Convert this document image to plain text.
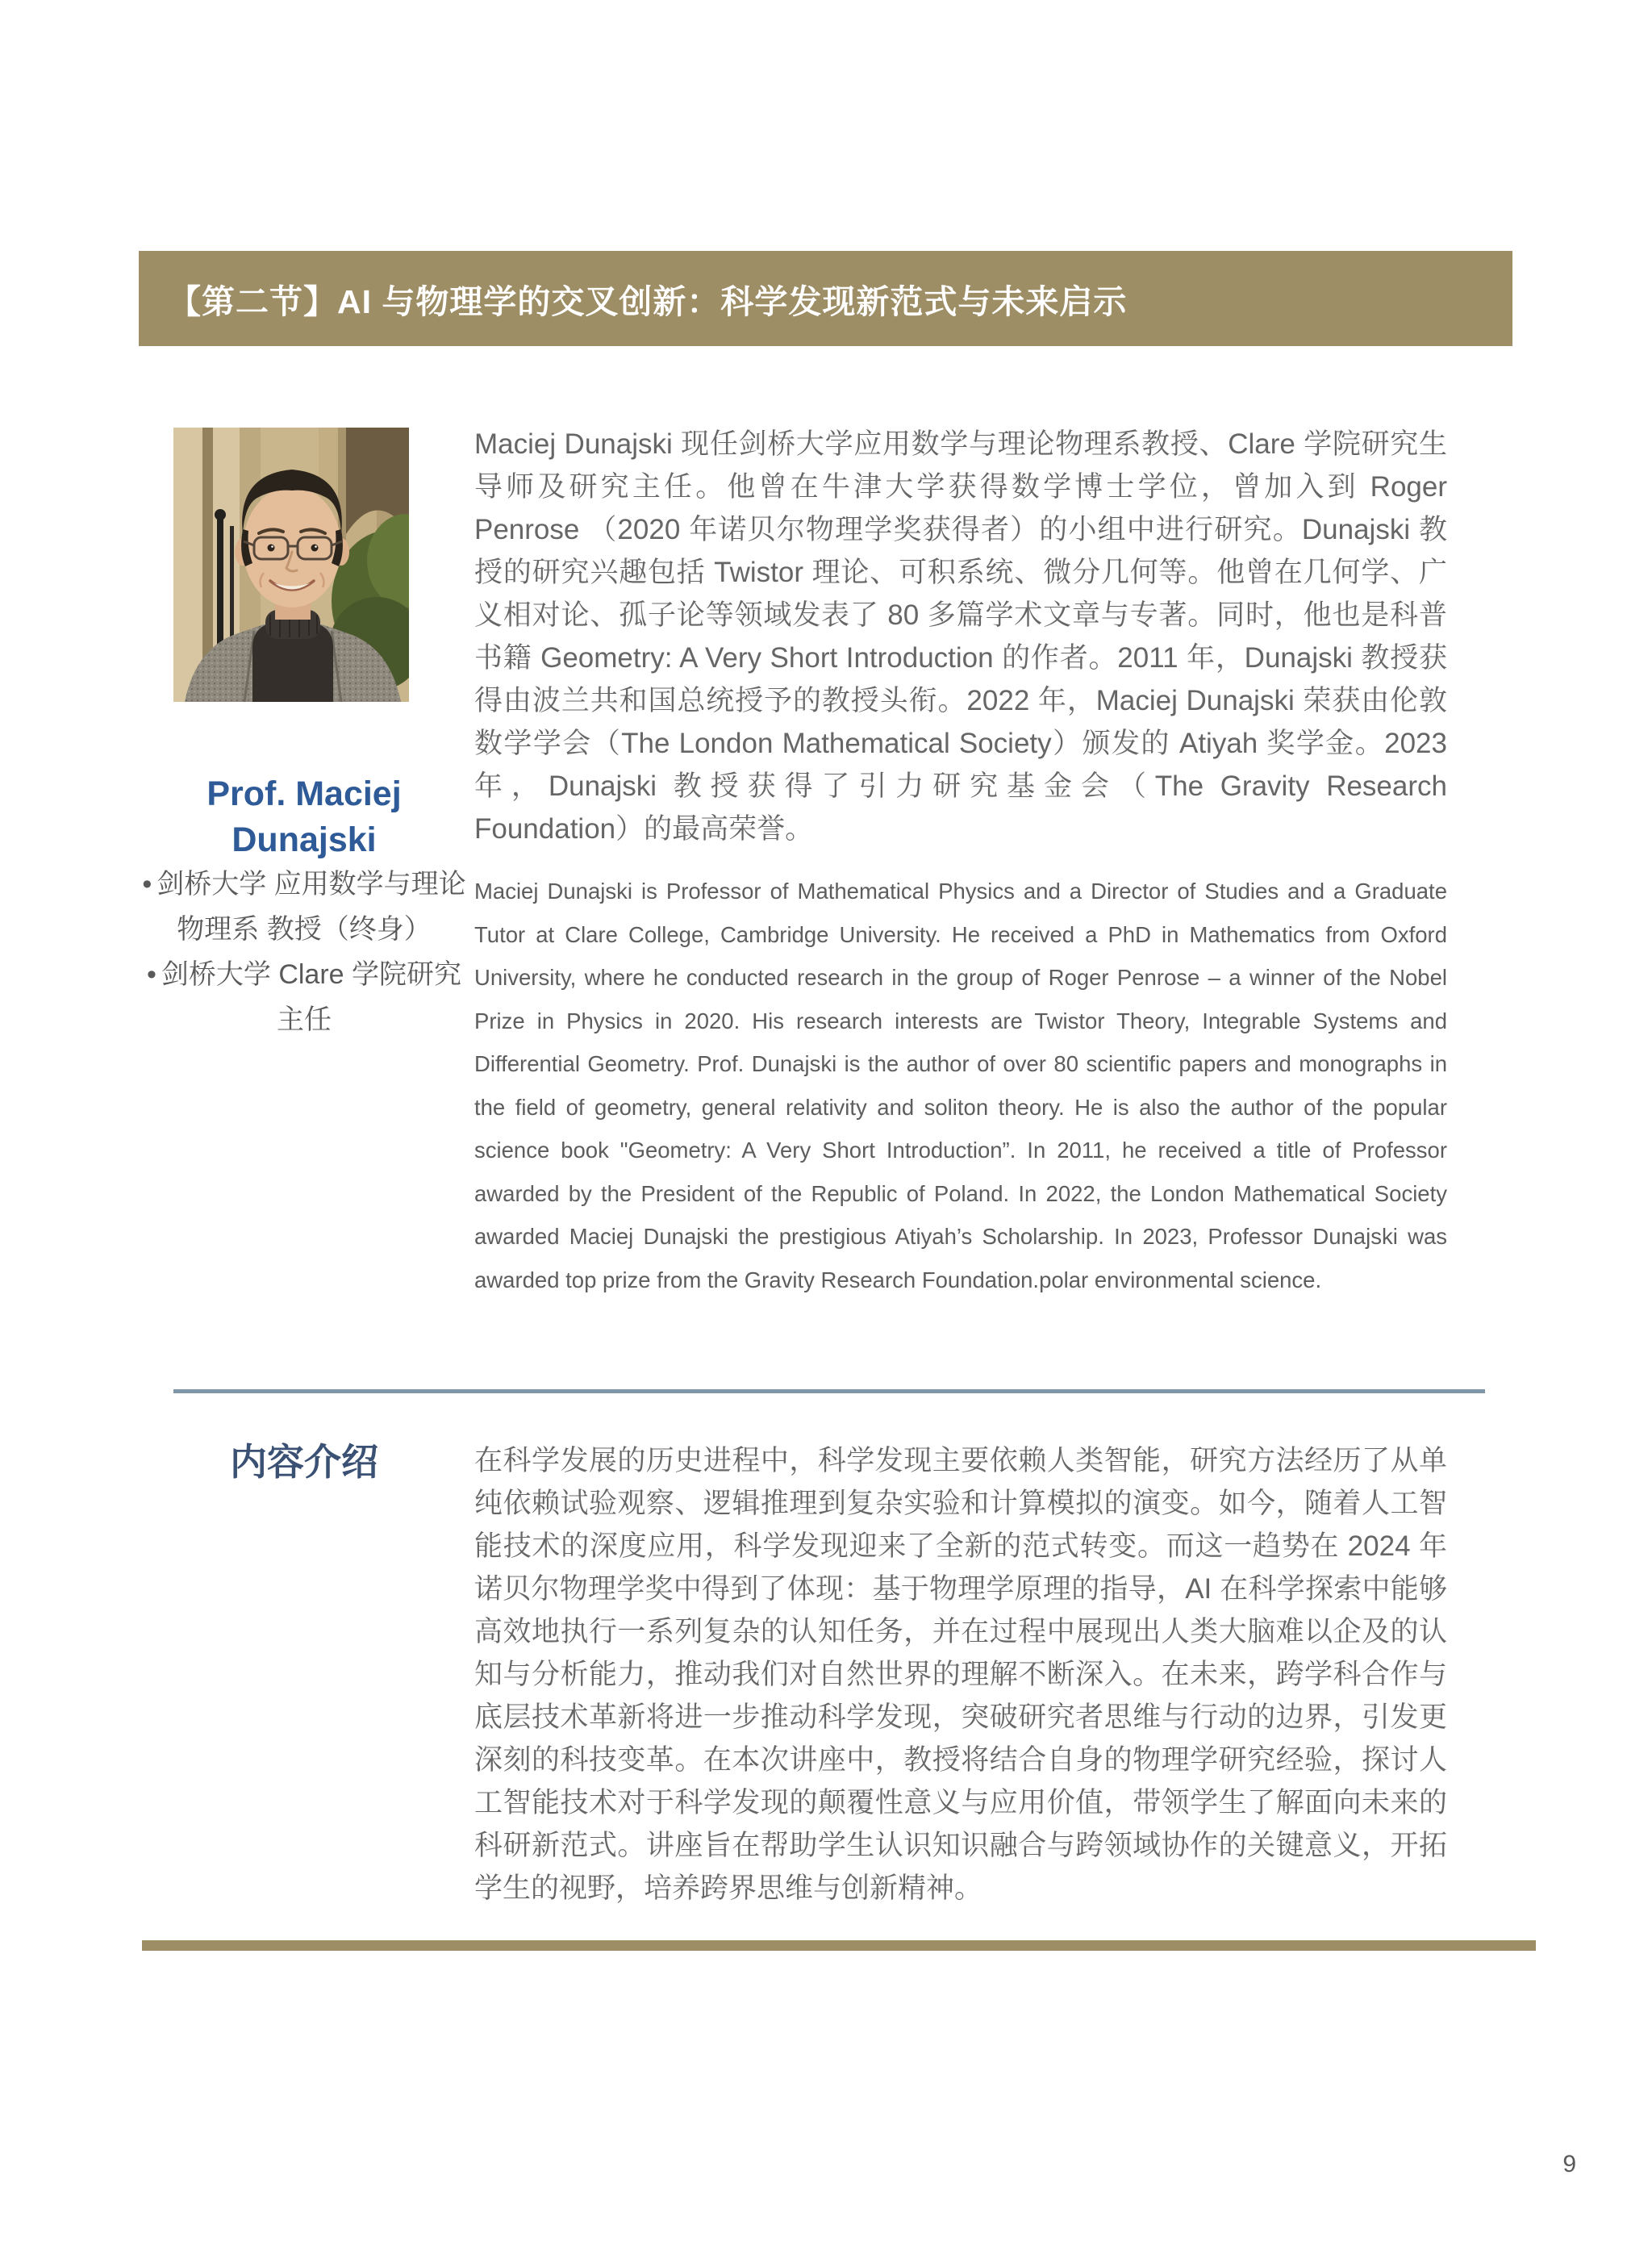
【第二节】AI 与物理学的交叉创新：科学发现新范式与未来启示
Prof. Maciej
Dunajski
• 剑桥大学 应用数学与理论物理系 教授（终身）
• 剑桥大学 Clare 学院研究主任
Maciej Dunajski 现任剑桥大学应用数学与理论物理系教授、Clare 学院研究生导师及研究主任。他曾在牛津大学获得数学博士学位，曾加入到 Roger Penrose （2020 年诺贝尔物理学奖获得者）的小组中进行研究。Dunajski 教授的研究兴趣包括 Twistor 理论、可积系统、微分几何等。他曾在几何学、广义相对论、孤子论等领域发表了 80 多篇学术文章与专著。同时，他也是科普书籍 Geometry: A Very Short Introduction 的作者。2011 年，Dunajski 教授获得由波兰共和国总统授予的教授头衔。2022 年，Maciej Dunajski 荣获由伦敦数学学会（The London Mathematical Society）颁发的 Atiyah 奖学金。2023 年，Dunajski 教授获得了引力研究基金会（The Gravity Research Foundation）的最高荣誉。
Maciej Dunajski is Professor of Mathematical Physics and a Director of Studies and a Graduate Tutor at Clare College, Cambridge University. He received a PhD in Mathematics from Oxford University, where he conducted research in the group of Roger Penrose – a winner of the Nobel Prize in Physics in 2020. His research interests are Twistor Theory, Integrable Systems and Differential Geometry. Prof. Dunajski is the author of over 80 scientific papers and monographs in the field of geometry, general relativity and soliton theory. He is also the author of the popular science book "Geometry: A Very Short Introduction”. In 2011, he received a title of Professor awarded by the President of the Republic of Poland. In 2022, the London Mathematical Society awarded Maciej Dunajski the prestigious Atiyah’s Scholarship. In 2023, Professor Dunajski was awarded top prize from the Gravity Research Foundation.polar environmental science.
内容介绍	在科学发展的历史进程中，科学发现主要依赖人类智能，研究方法经历了从单纯依赖试验观察、逻辑推理到复杂实验和计算模拟的演变。如今，随着人工智能技术的深度应用，科学发现迎来了全新的范式转变。而这一趋势在 2024 年诺贝尔物理学奖中得到了体现：基于物理学原理的指导，AI 在科学探索中能够高效地执行一系列复杂的认知任务，并在过程中展现出人类大脑难以企及的认知与分析能力，推动我们对自然世界的理解不断深入。在未来，跨学科合作与底层技术革新将进一步推动科学发现，突破研究者思维与行动的边界，引发更深刻的科技变革。在本次讲座中，教授将结合自身的物理学研究经验，探讨人工智能技术对于科学发现的颠覆性意义与应用价值，带领学生了解面向未来的科研新范式。讲座旨在帮助学生认识知识融合与跨领域协作的关键意义，开拓学生的视野，培养跨界思维与创新精神。
9
